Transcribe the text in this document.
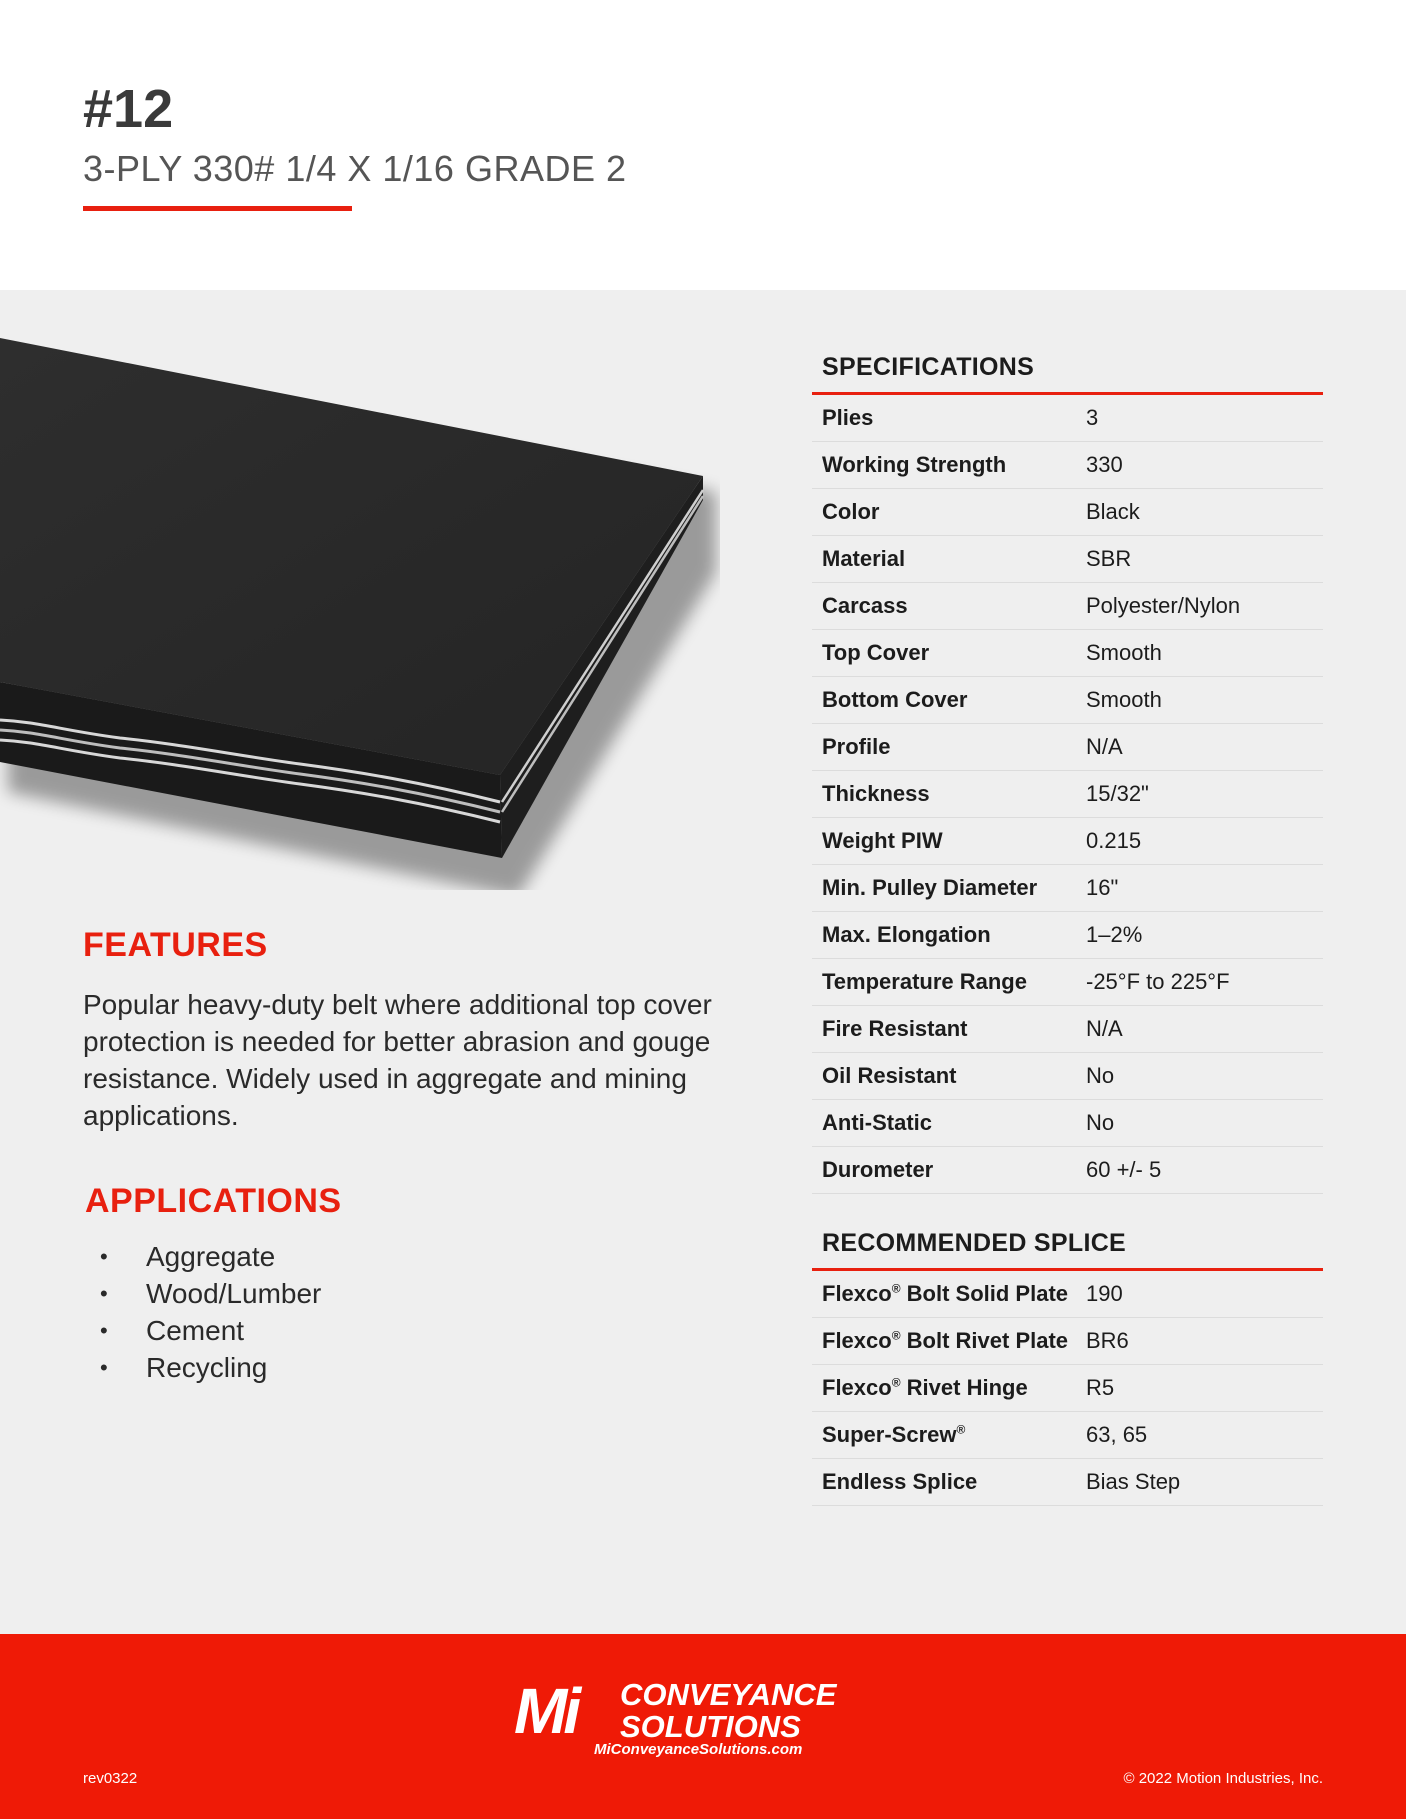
#12
3-PLY 330# 1/4 X 1/16 GRADE 2
FEATURES
Popular heavy-duty belt where additional top cover protection is needed for better abrasion and gouge resistance. Widely used in aggregate and mining applications.
APPLICATIONS
•	Aggregate
•	Wood/Lumber
•	Cement
•	Recycling
SPECIFICATIONS
Plies	3
Working Strength	330
Color	Black
Material	SBR
Carcass	Polyester/Nylon
Top Cover	Smooth
Bottom Cover	Smooth
Profile	N/A
Thickness	15/32"
Weight PIW	0.215
Min. Pulley Diameter	16"
Max. Elongation	1–2%
Temperature Range	-25°F to 225°F
Fire Resistant	N/A
Oil Resistant	No
Anti-Static	No
Durometer	60 +/- 5
RECOMMENDED SPLICE
Flexco® Bolt Solid Plate 190
Flexco® Bolt Rivet Plate BR6
Flexco® Rivet Hinge	R5
Super-Screw®	63, 65
Endless Splice	Bias Step
Mi CONVEYANCE
SOLUTIONS
MiConveyanceSolutions.com
rev0322	© 2022 Motion Industries, Inc.
